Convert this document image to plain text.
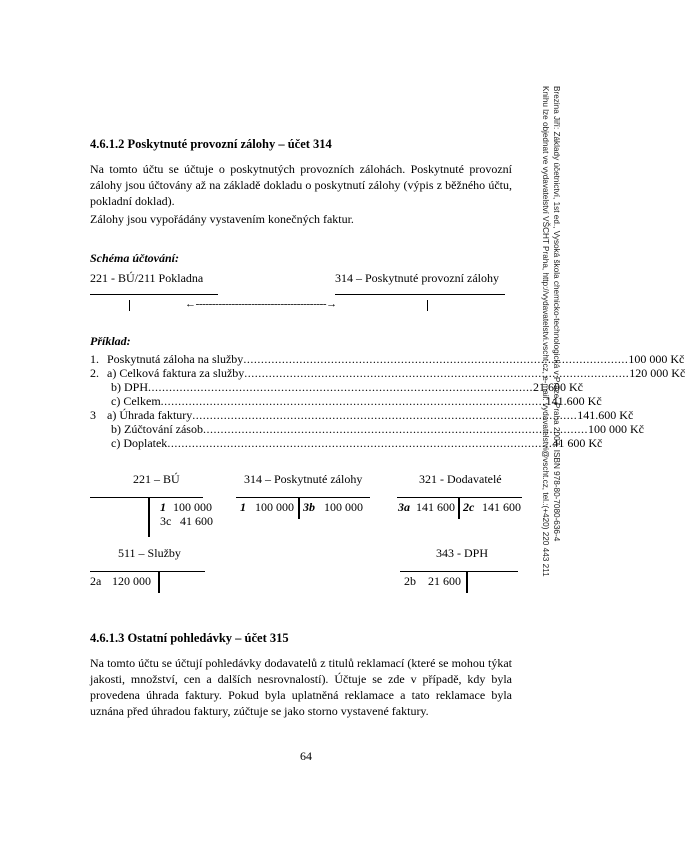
Brezina Jiří: Základy účetnictví, 1st ed., Vysoká škola chemicko-technologická v Praze, Praha 2007, ISBN 978-80-7080-636-4
Knihu lze objednat ve vydavatelství VŠCHT Praha, http://vydavatelstvi.vscht.cz, e-mail: vydavatelstvi@vscht.cz, tel.:(+420) 220 443 211
4.6.1.2 Poskytnuté provozní zálohy – účet 314
Na tomto účtu se účtuje o poskytnutých provozních zálohách. Poskytnuté provozní zálohy jsou účtovány až na základě dokladu o poskytnutí zálohy (výpis z běžného účtu, pokladní doklad).
Zálohy jsou vypořádány vystavením konečných faktur.
Schéma účtování:
221 - BÚ/211 Pokladna	314 – Poskytnuté provozní zálohy
←----------------------------------------→
Příklad:
1. Poskytnutá záloha na služby .............................................................................................................. 100 000 Kč
2. a) Celková faktura za služby .............................................................................................................. 120 000 Kč
b) DPH .............................................................................................................. 21.600 Kč
c) Celkem .............................................................................................................. 141.600 Kč
3 a) Úhrada faktury .............................................................................................................. 141.600 Kč
b) Zúčtování zásob .............................................................................................................. 100 000 Kč
c) Doplatek .............................................................................................................. 41 600 Kč
221 – BÚ
1 100 000
3c 41 600
314 – Poskytnuté zálohy
1 100 000 3b 100 000
321 - Dodavatelé
3a 141 600 2c 141 600
511 – Služby
2a 120 000
343 - DPH
2b 21 600
4.6.1.3 Ostatní pohledávky – účet 315
Na tomto účtu se účtují pohledávky dodavatelů z titulů reklamací (které se mohou týkat jakosti, množství, cen a dalších nesrovnalostí). Účtuje se zde v případě, kdy byla provedena úhrada faktury. Pokud byla uplatněná reklamace a tato reklamace byla uznána před úhradou faktury, zúčtuje se jako storno vystavené faktury.
64
